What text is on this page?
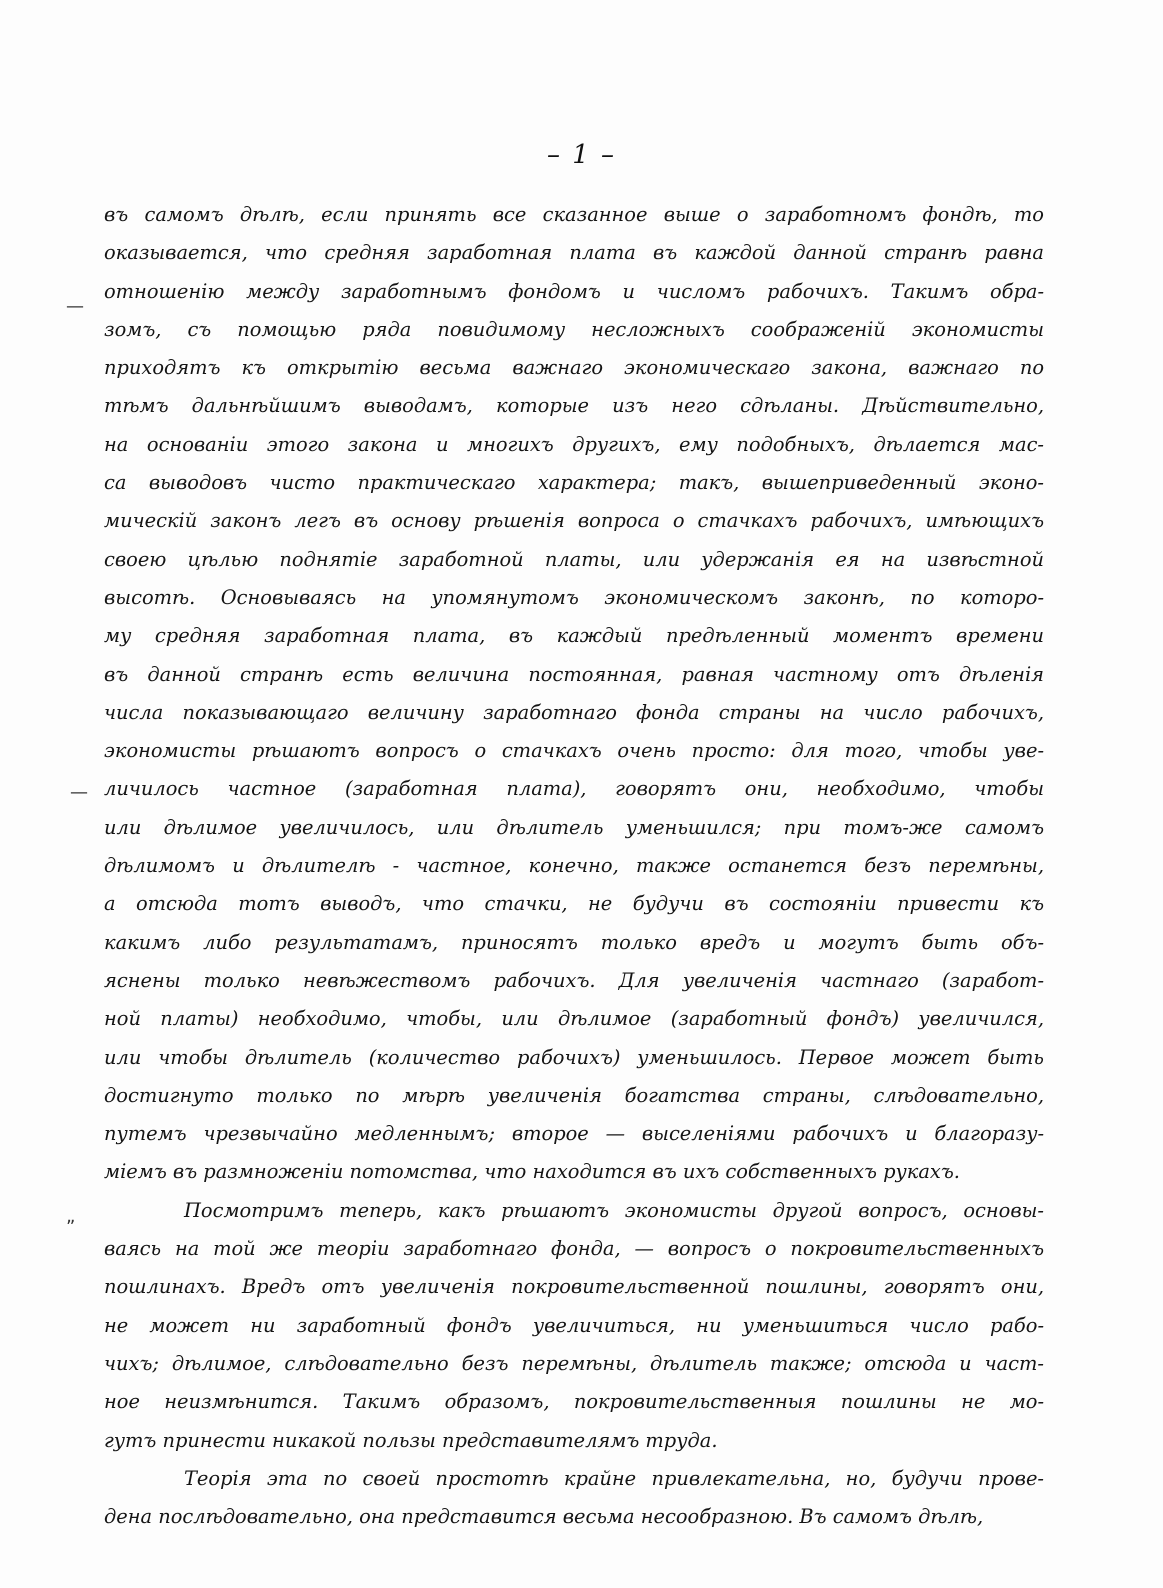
– 1 –
—
—
„
въ самомъ дѣлѣ, если принять все сказанное выше о заработномъ фондѣ, то
оказывается, что средняя заработная плата въ каждой данной странѣ равна
отношенію между заработнымъ фондомъ и числомъ рабочихъ. Такимъ обра-
зомъ, съ помощью ряда повидимому несложныхъ соображеній экономисты
приходятъ къ открытію весьма важнаго экономическаго закона, важнаго по
тѣмъ дальнѣйшимъ выводамъ, которые изъ него сдѣланы. Дѣйствительно,
на основаніи этого закона и многихъ другихъ, ему подобныхъ, дѣлается мас-
са выводовъ чисто практическаго характера; такъ, вышеприведенный эконо-
мическій законъ легъ въ основу рѣшенія вопроса о стачкахъ рабочихъ, имѣющихъ
своею цѣлью поднятіе заработной платы, или удержанія ея на извѣстной
высотѣ. Основываясь на упомянутомъ экономическомъ законѣ, по которо-
му средняя заработная плата, въ каждый предѣленный моментъ времени
въ данной странѣ есть величина постоянная, равная частному отъ дѣленія
числа показывающаго величину заработнаго фонда страны на число рабочихъ,
экономисты рѣшаютъ вопросъ о стачкахъ очень просто: для того, чтобы уве-
личилось частное (заработная плата), говорятъ они, необходимо, чтобы
или дѣлимое увеличилось, или дѣлитель уменьшился; при томъ-же самомъ
дѣлимомъ и дѣлителѣ - частное, конечно, также останется безъ перемѣны,
а отсюда тотъ выводъ, что стачки, не будучи въ состояніи привести къ
какимъ либо результатамъ, приносятъ только вредъ и могутъ быть объ-
яснены только невѣжествомъ рабочихъ. Для увеличенія частнаго (заработ-
ной платы) необходимо, чтобы, или дѣлимое (заработный фондъ) увеличился,
или чтобы дѣлитель (количество рабочихъ) уменьшилось. Первое может быть
достигнуто только по мѣрѣ увеличенія богатства страны, слѣдовательно,
путемъ чрезвычайно медленнымъ; второе — выселеніями рабочихъ и благоразу-
міемъ въ размноженіи потомства, что находится въ ихъ собственныхъ рукахъ.
Посмотримъ теперь, какъ рѣшаютъ экономисты другой вопросъ, основы-
ваясь на той же теоріи заработнаго фонда, — вопросъ о покровительственныхъ
пошлинахъ. Вредъ отъ увеличенія покровительственной пошлины, говорятъ они,
не может ни заработный фондъ увеличиться, ни уменьшиться число рабо-
чихъ; дѣлимое, слѣдовательно безъ перемѣны, дѣлитель также; отсюда и част-
ное неизмѣнится. Такимъ образомъ, покровительственныя пошлины не мо-
гутъ принести никакой пользы представителямъ труда.
Теорія эта по своей простотѣ крайне привлекательна, но, будучи прове-
дена послѣдовательно, она представится весьма несообразною. Въ самомъ дѣлѣ,
